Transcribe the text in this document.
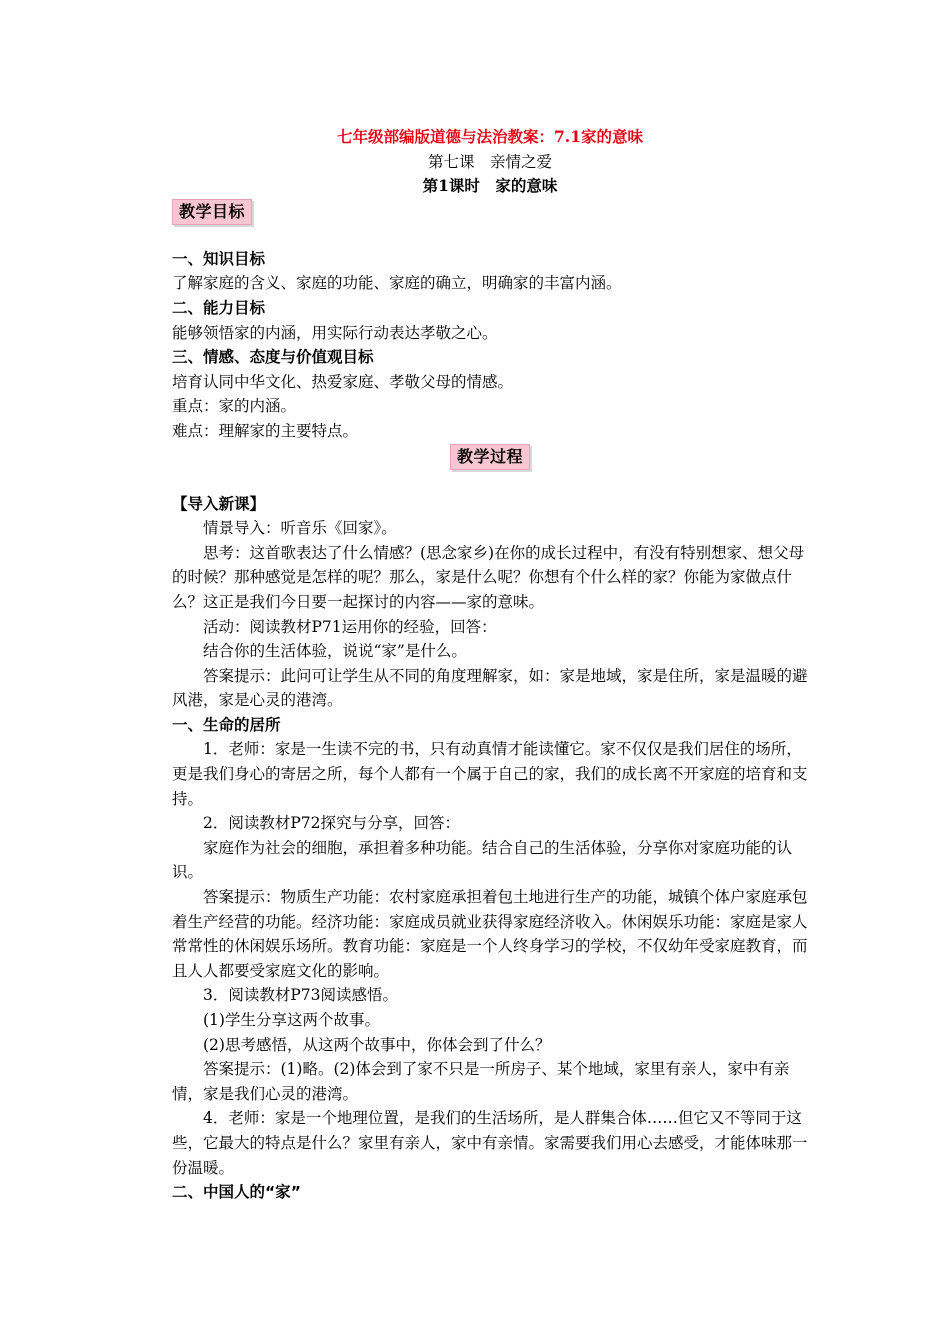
七年级部编版道德与法治教案：7.1家的意味

第七课　亲情之爱

第1课时　家的意味

教学目标

一、知识目标

了解家庭的含义、家庭的功能、家庭的确立，明确家的丰富内涵。

二、能力目标

能够领悟家的内涵，用实际行动表达孝敬之心。

三、情感、态度与价值观目标

培育认同中华文化、热爱家庭、孝敬父母的情感。

重点：家的内涵。

难点：理解家的主要特点。

教学过程

【导入新课】

情景导入：听音乐《回家》。

思考：这首歌表达了什么情感？(思念家乡)在你的成长过程中，有没有特别想家、想父母的时候？那种感觉是怎样的呢？那么，家是什么呢？你想有个什么样的家？你能为家做点什么？这正是我们今日要一起探讨的内容——家的意味。

活动：阅读教材P71运用你的经验，回答：

结合你的生活体验，说说“家”是什么。

答案提示：此问可让学生从不同的角度理解家，如：家是地域，家是住所，家是温暖的避风港，家是心灵的港湾。

一、生命的居所

1．老师：家是一生读不完的书，只有动真情才能读懂它。家不仅仅是我们居住的场所，更是我们身心的寄居之所，每个人都有一个属于自己的家，我们的成长离不开家庭的培育和支持。

2．阅读教材P72探究与分享，回答：

家庭作为社会的细胞，承担着多种功能。结合自己的生活体验，分享你对家庭功能的认识。

答案提示：物质生产功能：农村家庭承担着包土地进行生产的功能，城镇个体户家庭承包着生产经营的功能。经济功能：家庭成员就业获得家庭经济收入。休闲娱乐功能：家庭是家人常常性的休闲娱乐场所。教育功能：家庭是一个人终身学习的学校，不仅幼年受家庭教育，而且人人都要受家庭文化的影响。

3．阅读教材P73阅读感悟。

(1)学生分享这两个故事。

(2)思考感悟，从这两个故事中，你体会到了什么？

答案提示：(1)略。(2)体会到了家不只是一所房子、某个地域，家里有亲人，家中有亲情，家是我们心灵的港湾。

4．老师：家是一个地理位置，是我们的生活场所，是人群集合体……但它又不等同于这些，它最大的特点是什么？家里有亲人，家中有亲情。家需要我们用心去感受，才能体味那一份温暖。

二、中国人的“家”
